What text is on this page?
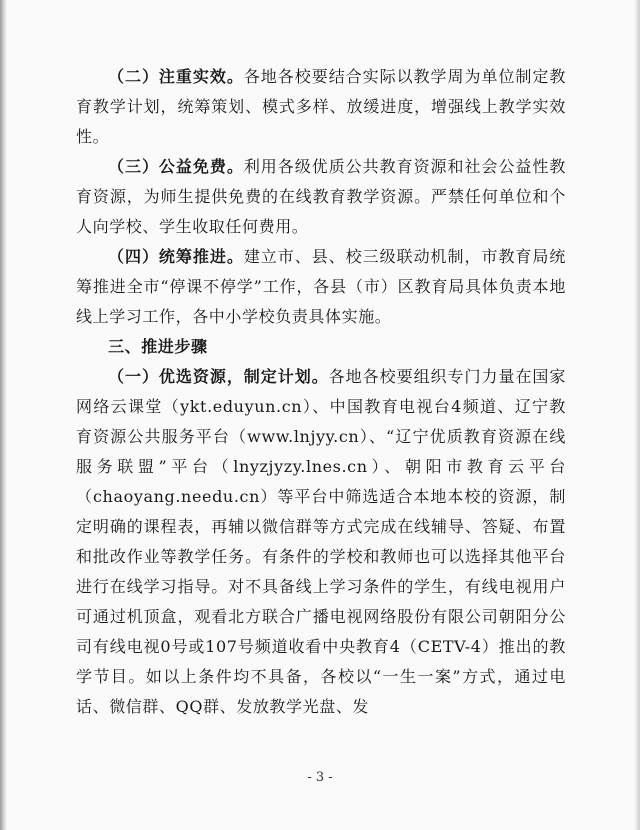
（二）注重实效。各地各校要结合实际以教学周为单位制定教育教学计划，统筹策划、模式多样、放缓进度，增强线上教学实效性。

（三）公益免费。利用各级优质公共教育资源和社会公益性教育资源，为师生提供免费的在线教育教学资源。严禁任何单位和个人向学校、学生收取任何费用。

（四）统筹推进。建立市、县、校三级联动机制，市教育局统筹推进全市“停课不停学”工作，各县（市）区教育局具体负责本地线上学习工作，各中小学校负责具体实施。

三、推进步骤

（一）优选资源，制定计划。各地各校要组织专门力量在国家网络云课堂（ykt.eduyun.cn）、中国教育电视台4频道、辽宁教育资源公共服务平台（www.lnjyy.cn）、“辽宁优质教育资源在线服务联盟”平台（lnyzjyzy.lnes.cn）、朝阳市教育云平台（chaoyang.needu.cn）等平台中筛选适合本地本校的资源，制定明确的课程表，再辅以微信群等方式完成在线辅导、答疑、布置和批改作业等教学任务。有条件的学校和教师也可以选择其他平台进行在线学习指导。对不具备线上学习条件的学生，有线电视用户可通过机顶盒，观看北方联合广播电视网络股份有限公司朝阳分公司有线电视0号或107号频道收看中央教育4（CETV-4）推出的教学节目。如以上条件均不具备，各校以“一生一案”方式，通过电话、微信群、QQ群、发放教学光盘、发

- 3 -
